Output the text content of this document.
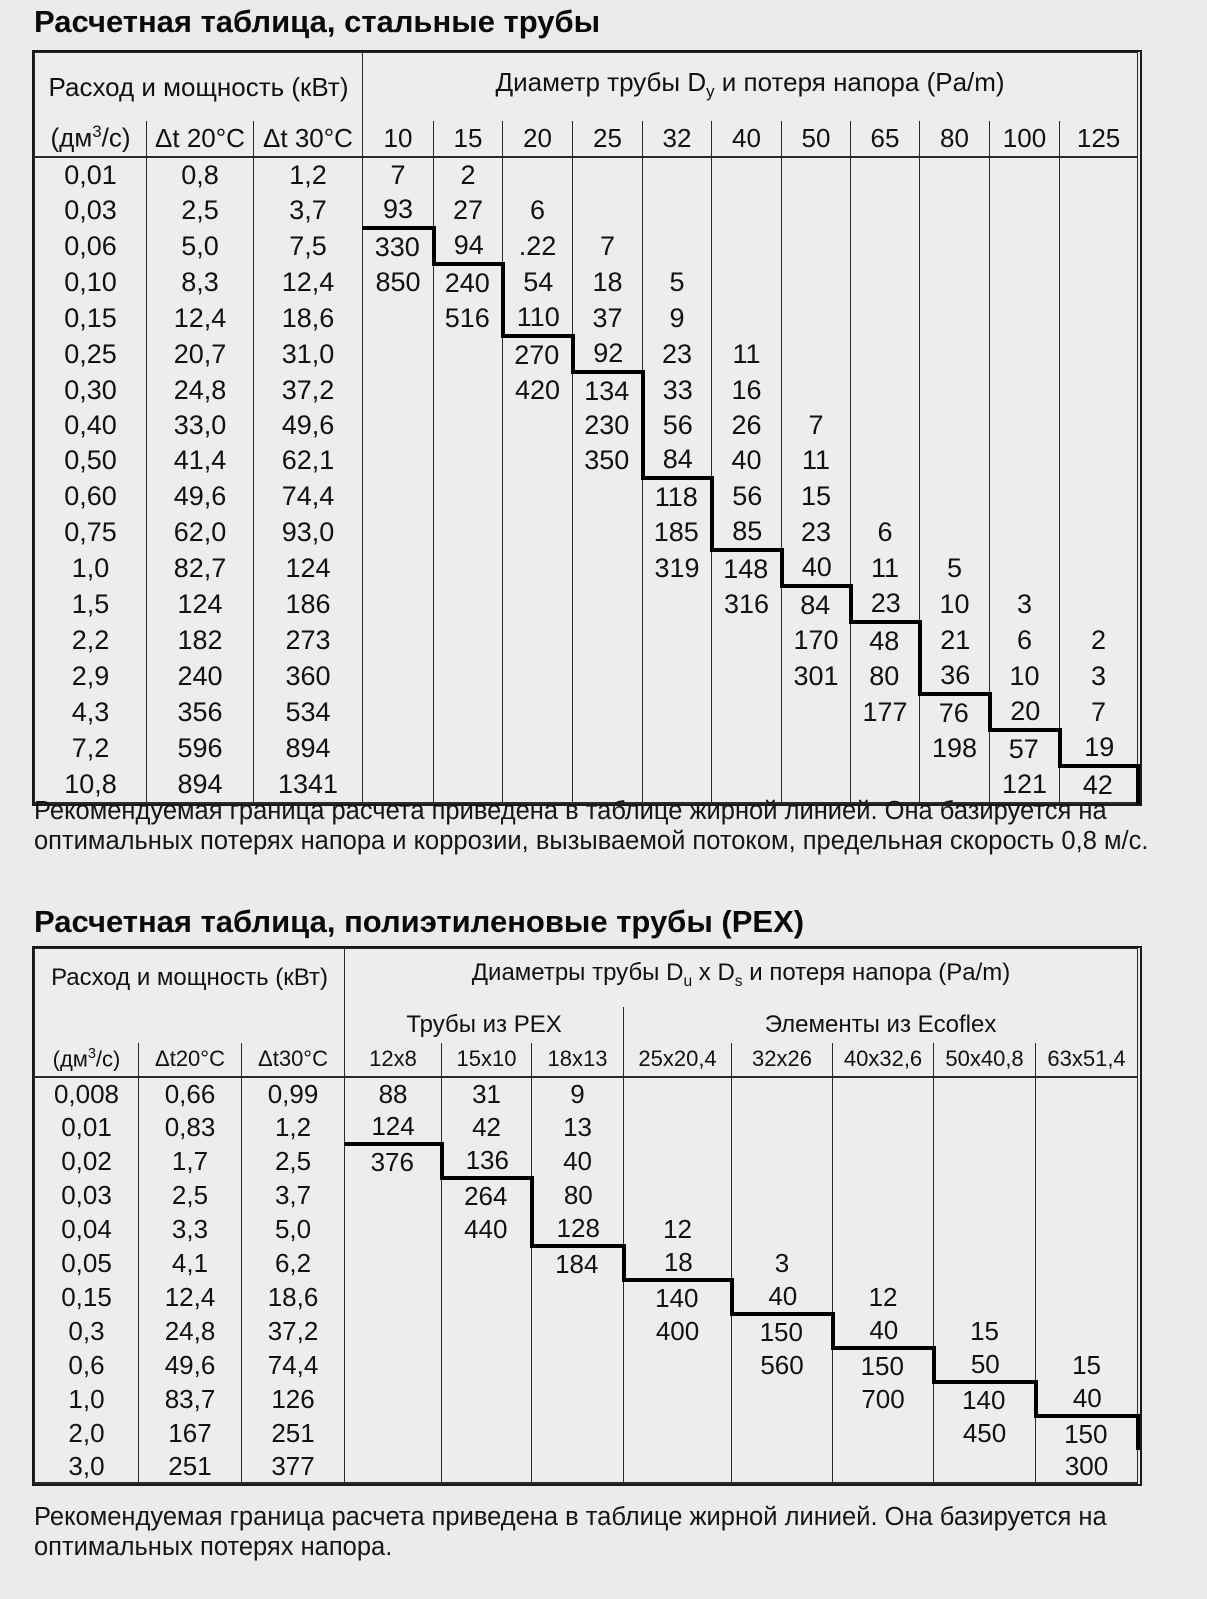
Расчетная таблица, стальные трубы
Расход и мощность (кВт)			Диаметр трубы $D_y$ и потеря напора (Pa/m)										
$(дм^3/с)$	Δt 20°C	Δt 30°C	10	15	20	25	32	40	50	65	80	100	125
0,01	0,8	1,2	7	2									
0,03	2,5	3,7	93	27	6								
0,06	5,0	7,5	330	94	.22	7							
0,10	8,3	12,4	850	240	54	18	5						
0,15	12,4	18,6		516	110	37	9						
0,25	20,7	31,0			270	92	23	11					
0,30	24,8	37,2			420	134	33	16					
0,40	33,0	49,6				230	56	26	7				
0,50	41,4	62,1				350	84	40	11				
0,60	49,6	74,4					118	56	15				
0,75	62,0	93,0					185	85	23	6			
1,0	82,7	124					319	148	40	11	5		
1,5	124	186						316	84	23	10	3	
2,2	182	273							170	48	21	6	2
2,9	240	360							301	80	36	10	3
4,3	356	534								177	76	20	7
7,2	596	894									198	57	19
10,8	894	1341										121	42
Рекомендуемая граница расчета приведена в таблице жирной линией. Она базируется на оптимальных потерях напора и коррозии, вызываемой потоком, предельная скорость 0,8 м/с.
Расчетная таблица, полиэтиленовые трубы (PEX)
Расход и мощность (кВт)			Диаметры трубы $D_u$ x $D_s$ и потеря напора (Pa/m)							
			Трубы из PEX			Элементы из Ecoflex				
$(дм^3/с)$	Δt20°C	Δt30°C	12x8	15x10	18x13	25x20,4	32x26	40x32,6	50x40,8	63x51,4
0,008	0,66	0,99	88	31	9					
0,01	0,83	1,2	124	42	13					
0,02	1,7	2,5	376	136	40					
0,03	2,5	3,7		264	80					
0,04	3,3	5,0		440	128	12				
0,05	4,1	6,2			184	18	3			
0,15	12,4	18,6				140	40	12		
0,3	24,8	37,2				400	150	40	15	
0,6	49,6	74,4					560	150	50	15
1,0	83,7	126						700	140	40
2,0	167	251							450	150
3,0	251	377								300
Рекомендуемая граница расчета приведена в таблице жирной линией. Она базируется на оптимальных потерях напора.
